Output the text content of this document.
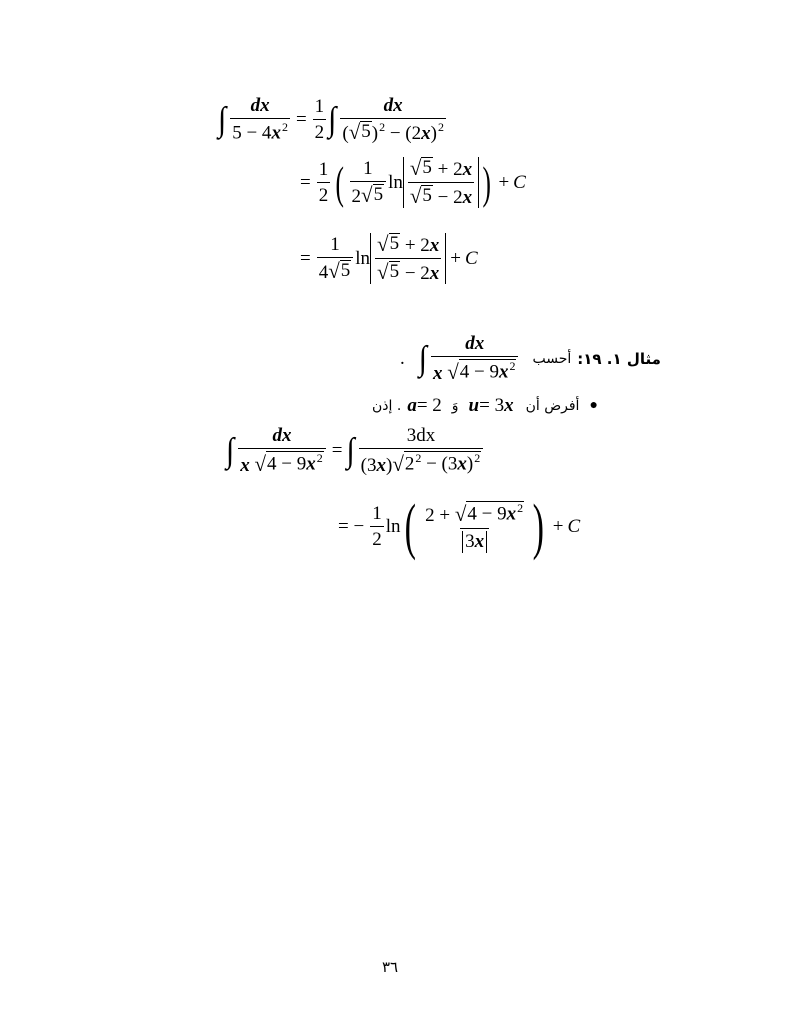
∫ $\frac{dx}{5 - 4x^2} = \frac{1}{2}$ ∫ $\frac{dx}{( √ 5 )^2 - (2x)^2}$
= $\frac{1}{2}$ ( $\frac{1}{2 √ 5}$ $\ln \frac{√ 5 + 2x}{√ 5 - 2x}$ ) + C
= $\frac{1}{4 √ 5}$ $\ln \frac{√ 5 + 2x}{√ 5 - 2x} + C$
. ∫ $\frac{dx}{x √ 4 - 9x^2}$ أحسب مثال ١. ١٩:
. إذن a = 2 وَ u = 3 x أفرض أن ●
∫ $\frac{dx}{x √ 4 - 9x^2}$ = ∫ $\frac{3dx}{(3x) √ 2^2 - (3x)^2}$
= − $\frac{1}{2}$ ln ( $\frac{2 + √ 4 - 9x^2}{3 x}$ ) + C
٣٦
